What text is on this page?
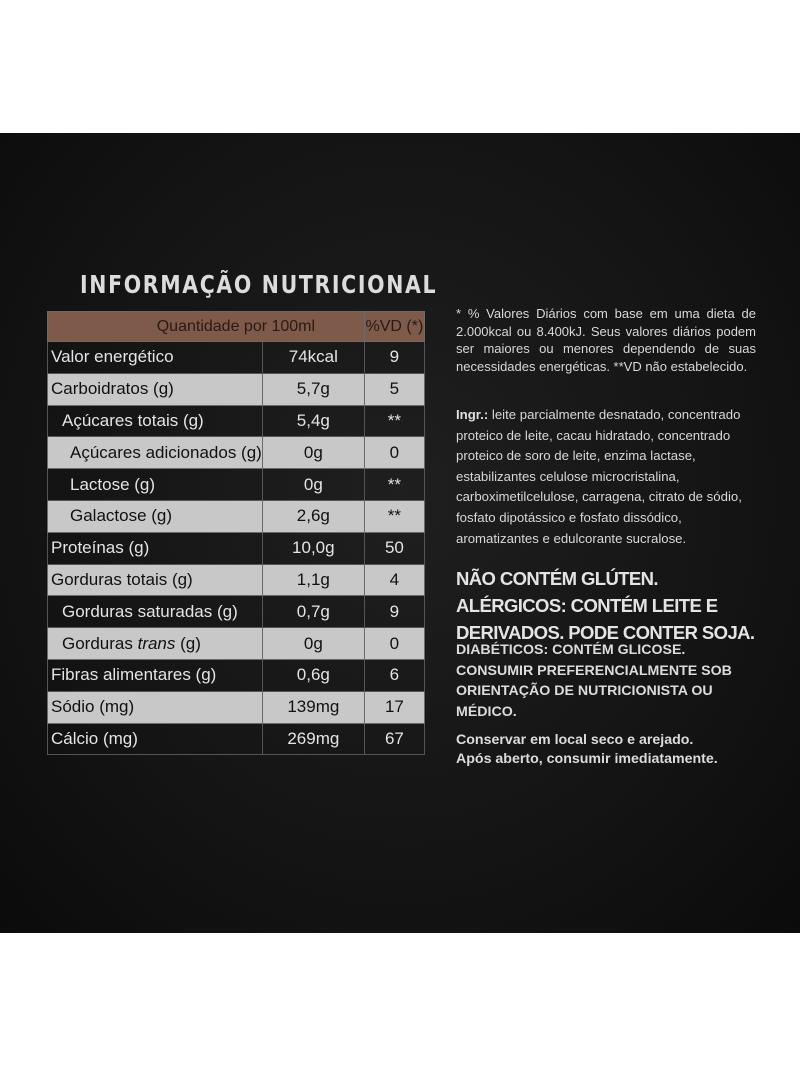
INFORMAÇÃO NUTRICIONAL
Quantidade por 100ml		%VD (*)
Valor energético	74kcal	9
Carboidratos (g)	5,7g	5
Açúcares totais (g)	5,4g	**
Açúcares adicionados (g)	0g	0
Lactose (g)	0g	**
Galactose (g)	2,6g	**
Proteínas (g)	10,0g	50
Gorduras totais (g)	1,1g	4
Gorduras saturadas (g)	0,7g	9
Gorduras trans (g)	0g	0
Fibras alimentares (g)	0,6g	6
Sódio (mg)	139mg	17
Cálcio (mg)	269mg	67
* % Valores Diários com base em uma dieta de 2.000kcal ou 8.400kJ. Seus valores diários podem ser maiores ou menores dependendo de suas necessidades energéticas. **VD não estabelecido.
Ingr.: leite parcialmente desnatado, concentrado proteico de leite, cacau hidratado, concentrado proteico de soro de leite, enzima lactase, estabilizantes celulose microcristalina, carboximetilcelulose, carragena, citrato de sódio, fosfato dipotássico e fosfato dissódico, aromatizantes e edulcorante sucralose.
NÃO CONTÉM GLÚTEN. ALÉRGICOS: CONTÉM LEITE E DERIVADOS. PODE CONTER SOJA.
DIABÉTICOS: CONTÉM GLICOSE. CONSUMIR PREFERENCIALMENTE SOB ORIENTAÇÃO DE NUTRICIONISTA OU MÉDICO.
Conservar em local seco e arejado.
Após aberto, consumir imediatamente.
